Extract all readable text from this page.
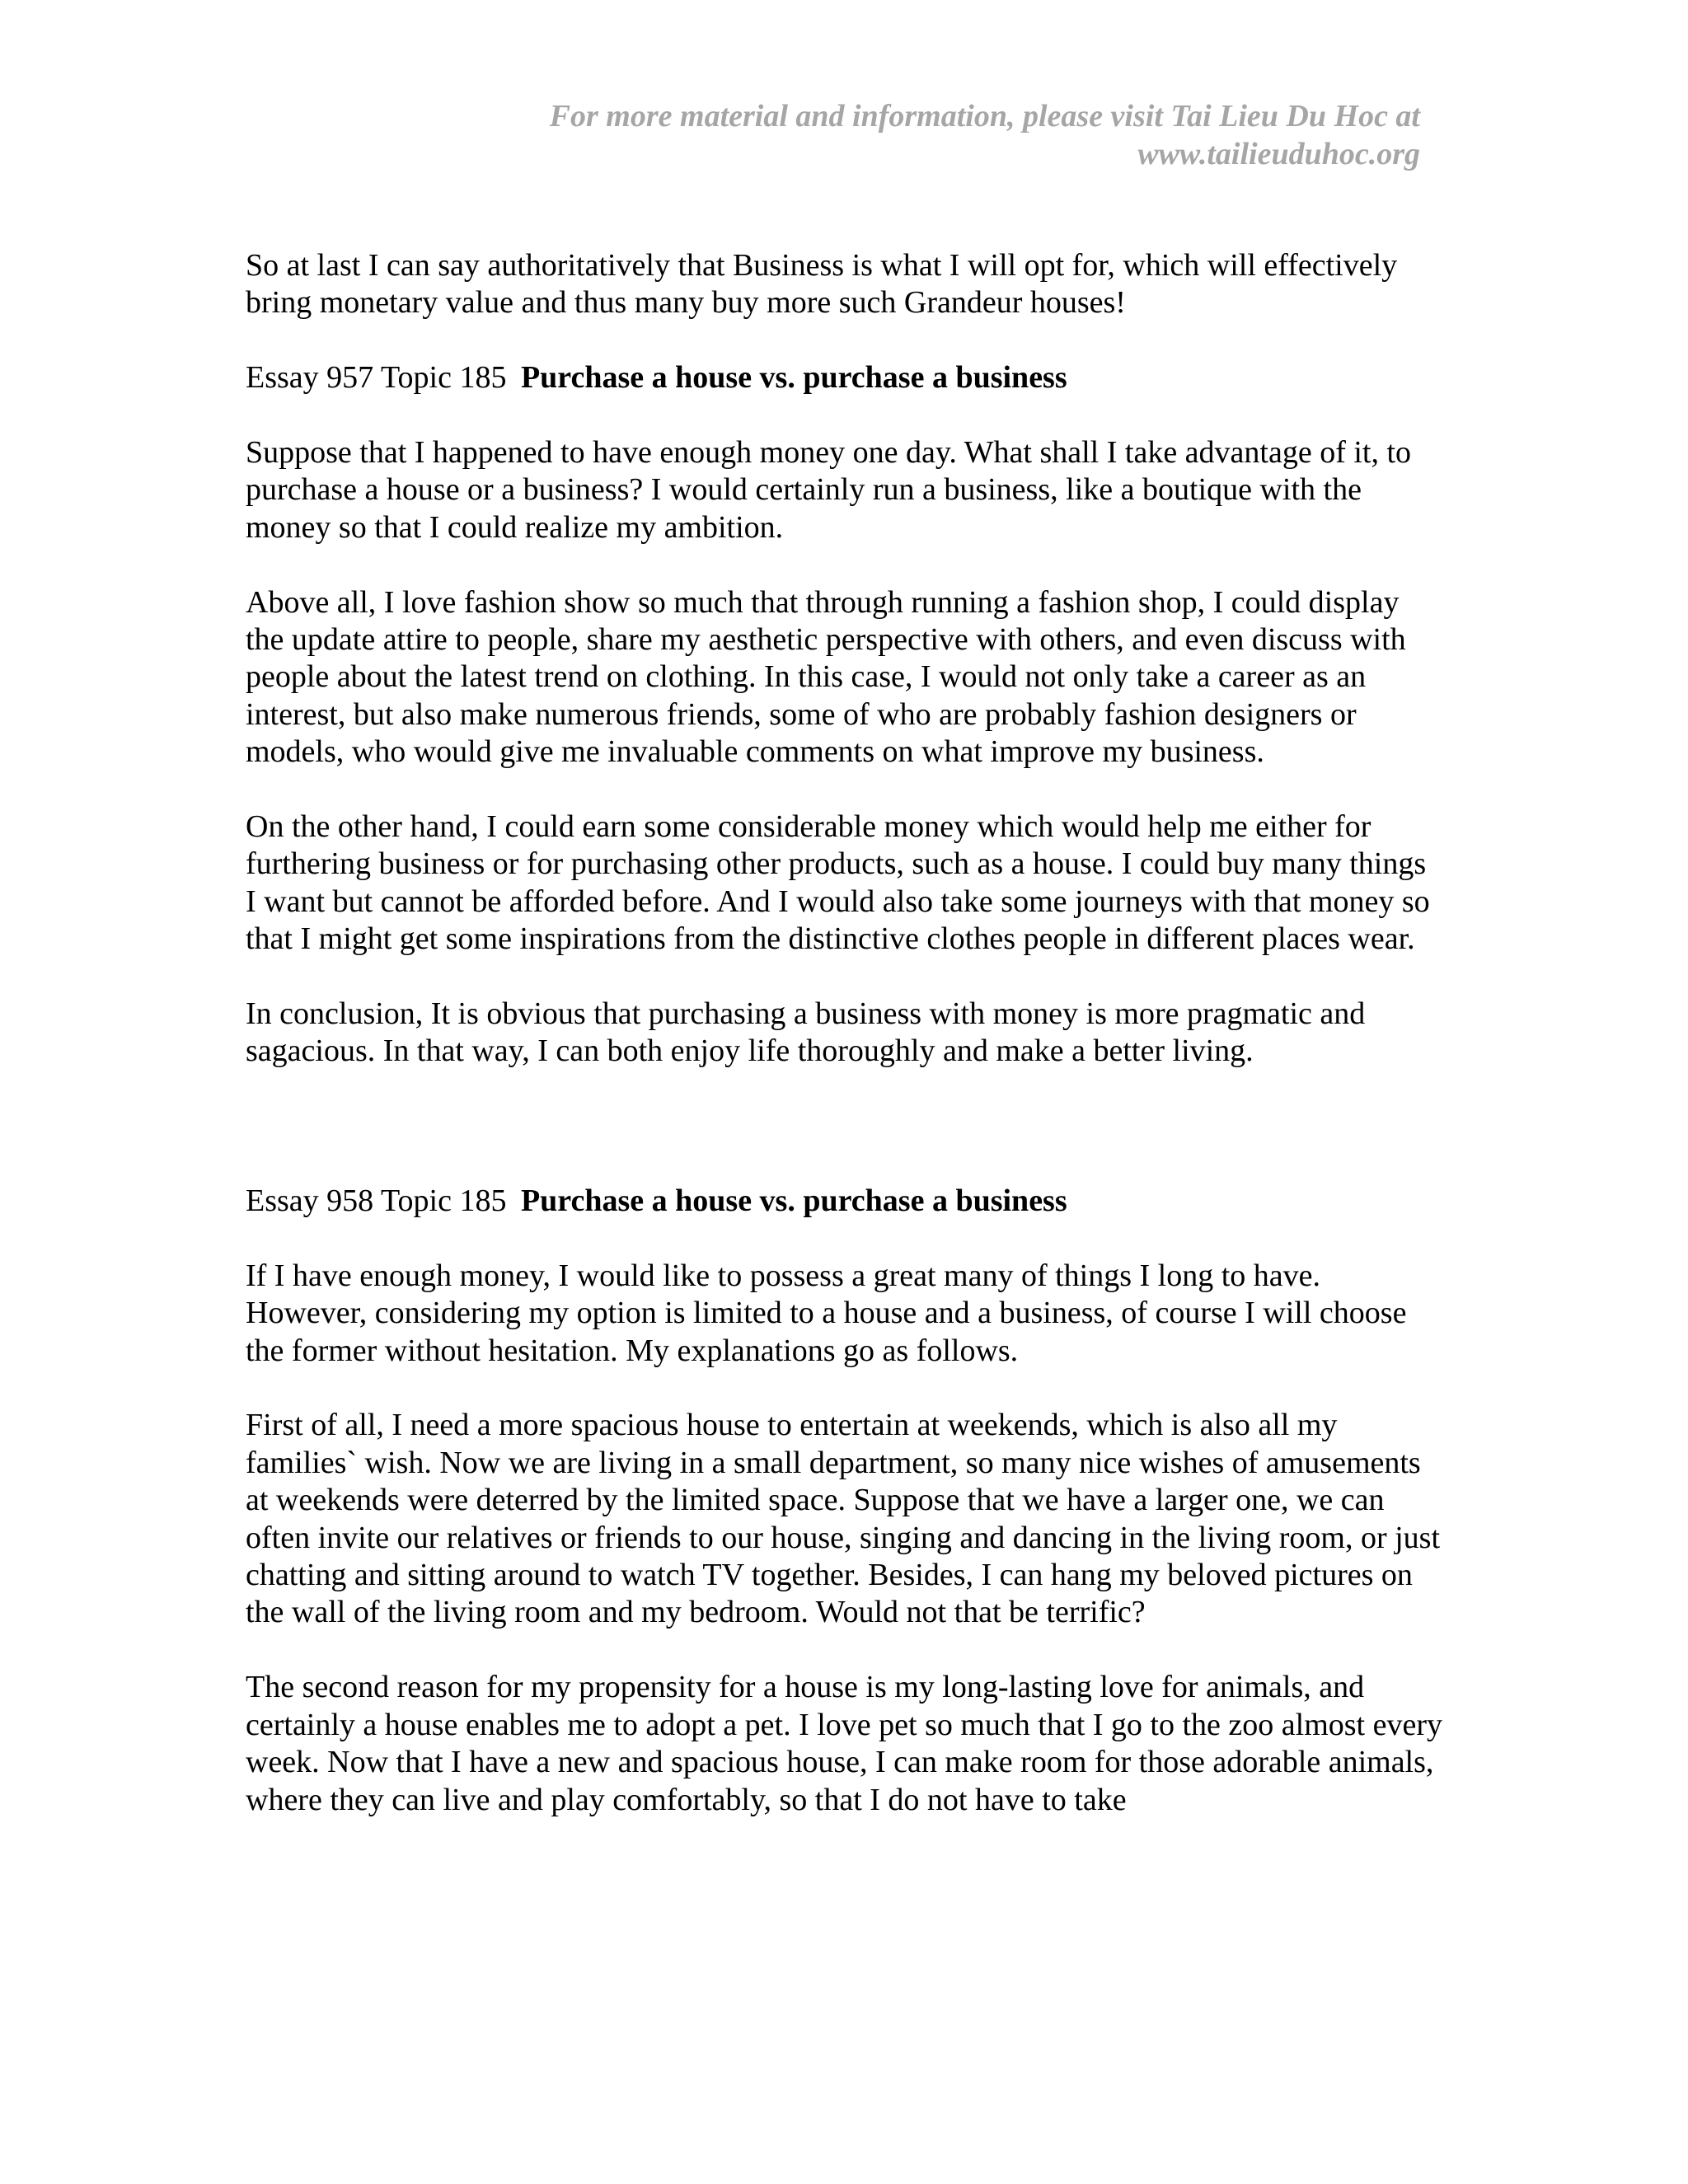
For more material and information, please visit Tai Lieu Du Hoc at
www.tailieuduhoc.org

So at last I can say authoritatively that Business is what I will opt for, which will effectively bring monetary value and thus many buy more such Grandeur houses!

Essay 957 Topic 185 Purchase a house vs. purchase a business

Suppose that I happened to have enough money one day. What shall I take advantage of it, to purchase a house or a business? I would certainly run a business, like a boutique with the money so that I could realize my ambition.

Above all, I love fashion show so much that through running a fashion shop, I could display the update attire to people, share my aesthetic perspective with others, and even discuss with people about the latest trend on clothing. In this case, I would not only take a career as an interest, but also make numerous friends, some of who are probably fashion designers or models, who would give me invaluable comments on what improve my business.

On the other hand, I could earn some considerable money which would help me either for furthering business or for purchasing other products, such as a house. I could buy many things I want but cannot be afforded before. And I would also take some journeys with that money so that I might get some inspirations from the distinctive clothes people in different places wear.

In conclusion, It is obvious that purchasing a business with money is more pragmatic and sagacious. In that way, I can both enjoy life thoroughly and make a better living.

Essay 958 Topic 185 Purchase a house vs. purchase a business

If I have enough money, I would like to possess a great many of things I long to have. However, considering my option is limited to a house and a business, of course I will choose the former without hesitation. My explanations go as follows.

First of all, I need a more spacious house to entertain at weekends, which is also all my families` wish. Now we are living in a small department, so many nice wishes of amusements at weekends were deterred by the limited space. Suppose that we have a larger one, we can often invite our relatives or friends to our house, singing and dancing in the living room, or just chatting and sitting around to watch TV together. Besides, I can hang my beloved pictures on the wall of the living room and my bedroom. Would not that be terrific?

The second reason for my propensity for a house is my long-lasting love for animals, and certainly a house enables me to adopt a pet. I love pet so much that I go to the zoo almost every week. Now that I have a new and spacious house, I can make room for those adorable animals, where they can live and play comfortably, so that I do not have to take
